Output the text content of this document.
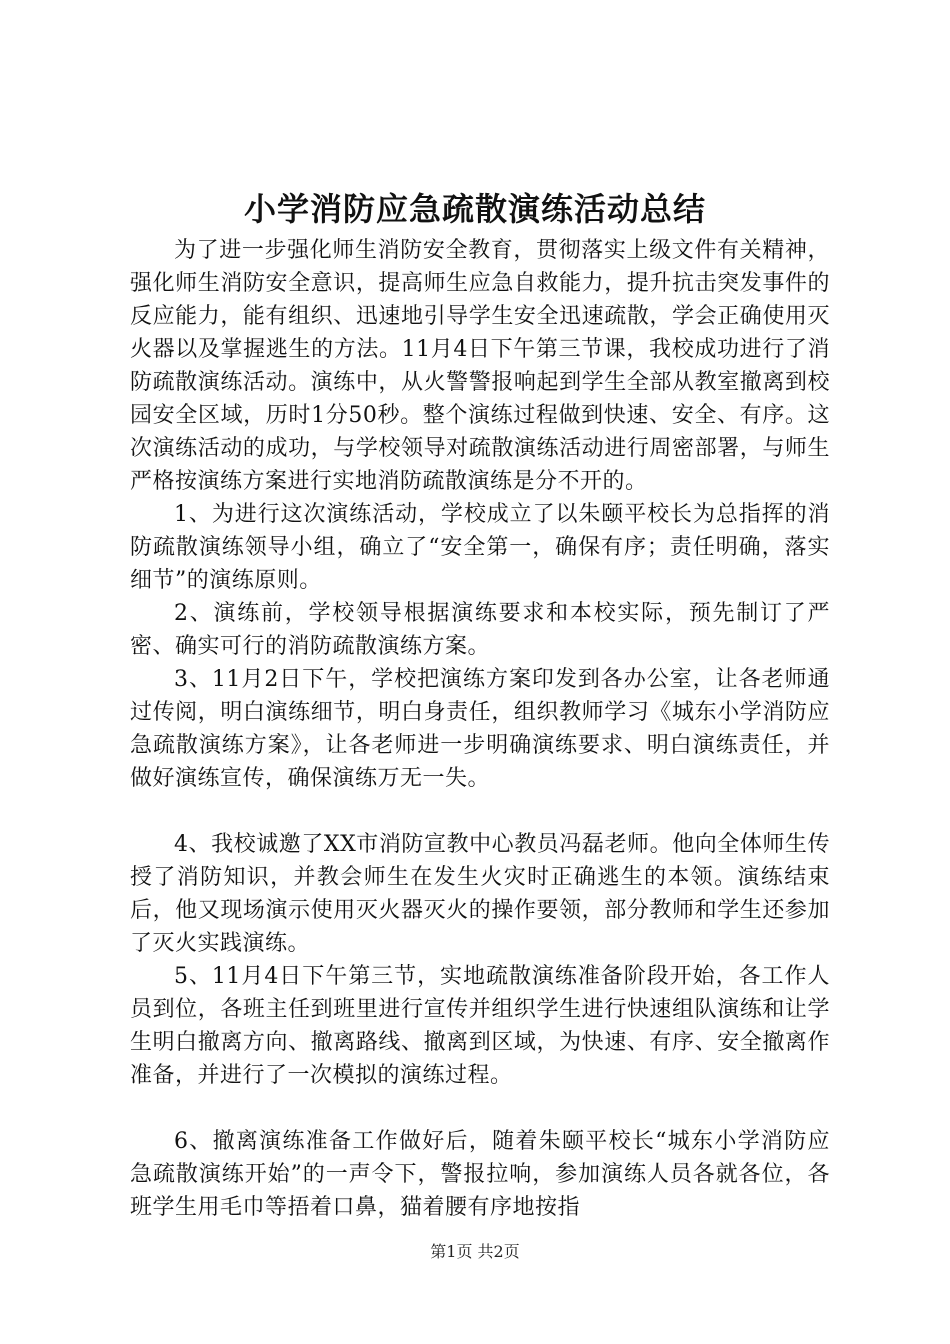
小学消防应急疏散演练活动总结

为了进一步强化师生消防安全教育，贯彻落实上级文件有关精神，强化师生消防安全意识，提高师生应急自救能力，提升抗击突发事件的反应能力，能有组织、迅速地引导学生安全迅速疏散，学会正确使用灭火器以及掌握逃生的方法。11月4日下午第三节课，我校成功进行了消防疏散演练活动。演练中，从火警警报响起到学生全部从教室撤离到校园安全区域，历时1分50秒。整个演练过程做到快速、安全、有序。这次演练活动的成功，与学校领导对疏散演练活动进行周密部署，与师生严格按演练方案进行实地消防疏散演练是分不开的。

1、为进行这次演练活动，学校成立了以朱颐平校长为总指挥的消防疏散演练领导小组，确立了“安全第一，确保有序；责任明确，落实细节”的演练原则。

2、演练前，学校领导根据演练要求和本校实际，预先制订了严密、确实可行的消防疏散演练方案。

3、11月2日下午，学校把演练方案印发到各办公室，让各老师通过传阅，明白演练细节，明白身责任，组织教师学习《城东小学消防应急疏散演练方案》，让各老师进一步明确演练要求、明白演练责任，并做好演练宣传，确保演练万无一失。

4、我校诚邀了XX市消防宣教中心教员冯磊老师。他向全体师生传授了消防知识，并教会师生在发生火灾时正确逃生的本领。演练结束后，他又现场演示使用灭火器灭火的操作要领，部分教师和学生还参加了灭火实践演练。

5、11月4日下午第三节，实地疏散演练准备阶段开始，各工作人员到位，各班主任到班里进行宣传并组织学生进行快速组队演练和让学生明白撤离方向、撤离路线、撤离到区域，为快速、有序、安全撤离作准备，并进行了一次模拟的演练过程。

6、撤离演练准备工作做好后，随着朱颐平校长“城东小学消防应急疏散演练开始”的一声令下，警报拉响，参加演练人员各就各位，各班学生用毛巾等捂着口鼻，猫着腰有序地按指

第1页 共2页
